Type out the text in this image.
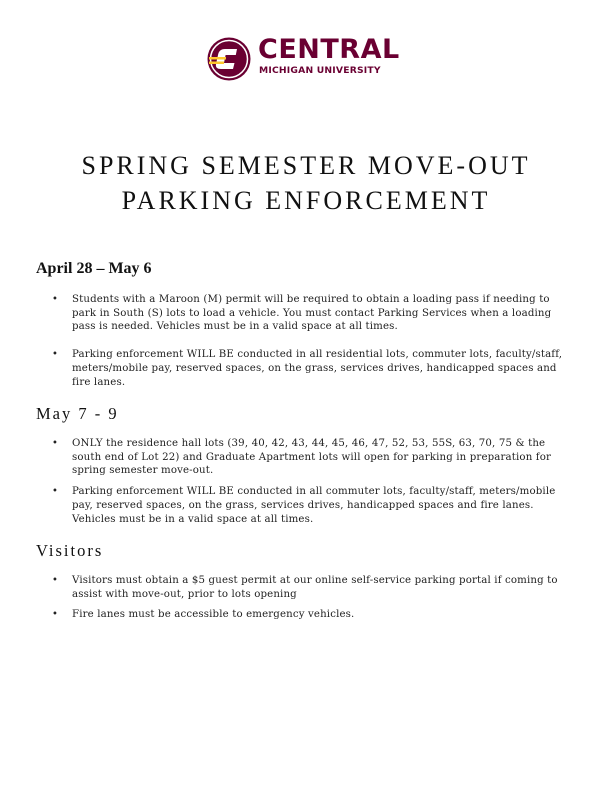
CENTRAL
MICHIGAN UNIVERSITY
SPRING SEMESTER MOVE-OUT
PARKING ENFORCEMENT
April 28 – May 6
• Students with a Maroon (M) permit will be required to obtain a loading pass if needing to park in South (S) lots to load a vehicle. You must contact Parking Services when a loading pass is needed. Vehicles must be in a valid space at all times.
• Parking enforcement WILL BE conducted in all residential lots, commuter lots, faculty/staff, meters/mobile pay, reserved spaces, on the grass, services drives, handicapped spaces and fire lanes.
May 7 - 9
• ONLY the residence hall lots (39, 40, 42, 43, 44, 45, 46, 47, 52, 53, 55S, 63, 70, 75 & the south end of Lot 22) and Graduate Apartment lots will open for parking in preparation for spring semester move-out.
• Parking enforcement WILL BE conducted in all commuter lots, faculty/staff, meters/mobile pay, reserved spaces, on the grass, services drives, handicapped spaces and fire lanes. Vehicles must be in a valid space at all times.
Visitors
• Visitors must obtain a $5 guest permit at our online self-service parking portal if coming to assist with move-out, prior to lots opening
• Fire lanes must be accessible to emergency vehicles.
